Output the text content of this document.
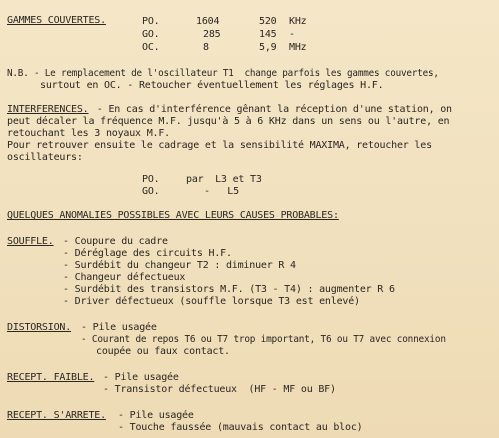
GAMMES COUVERTES.	PO.	1604	520 KHz
GO.	285	145 -
OC.	8	5,9 MHz
N.B. - Le remplacement de l'oscillateur T1  change parfois les gammes couvertes,
surtout en OC. - Retoucher éventuellement les réglages H.F.
INTERFERENCES. - En cas d'interférence gênant la réception d'une station, on
peut décaler la fréquence M.F. jusqu'à 5 à 6 KHz dans un sens ou l'autre, en
retouchant les 3 noyaux M.F.
Pour retrouver ensuite le cadrage et la sensibilité MAXIMA, retoucher les
oscillateurs:
PO.	par  L3 et T3
GO.	-   L5
QUELQUES ANOMALIES POSSIBLES AVEC LEURS CAUSES PROBABLES:
SOUFFLE. - Coupure du cadre
- Déréglage des circuits H.F.
- Surdébit du changeur T2 : diminuer R 4
- Changeur défectueux
- Surdébit des transistors M.F. (T3 - T4) : augmenter R 6
- Driver défectueux (souffle lorsque T3 est enlevé)
DISTORSION. - Pile usagée
- Courant de repos T6 ou T7 trop important, T6 ou T7 avec connexion
coupée ou faux contact.
RECEPT. FAIBLE. - Pile usagée
- Transistor défectueux  (HF - MF ou BF)
RECEPT. S'ARRETE. - Pile usagée
- Touche faussée (mauvais contact au bloc)
